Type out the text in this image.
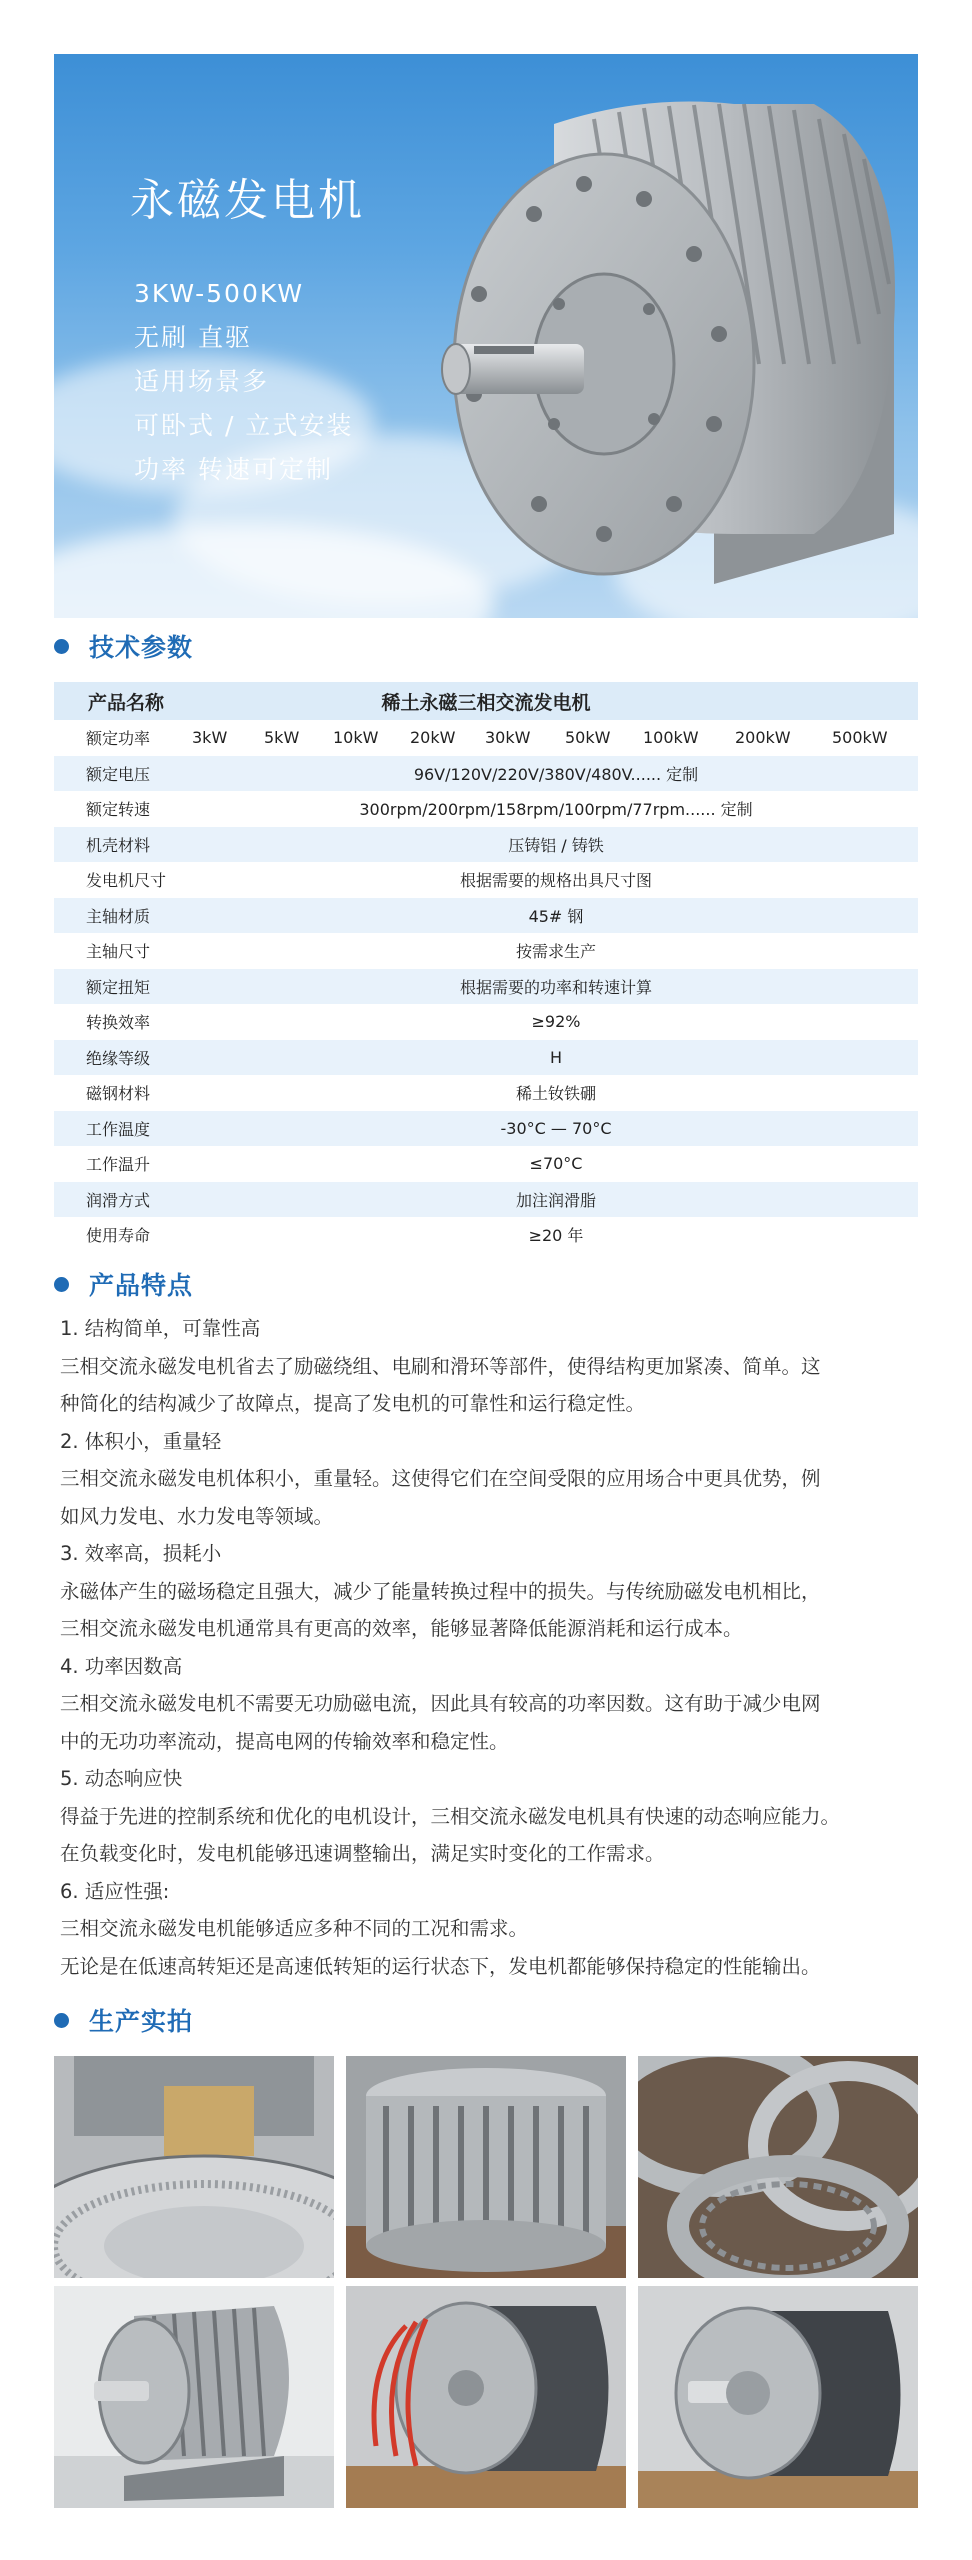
永磁发电机
3KW-500KW
无刷 直驱
适用场景多
可卧式 / 立式安装
功率 转速可定制
技术参数
产品名称	稀土永磁三相交流发电机
额定功率	3kW	5kW	10kW	20kW	30kW	50kW	100kW	200kW	500kW
额定电压	96V/120V/220V/380V/480V...... 定制
额定转速	300rpm/200rpm/158rpm/100rpm/77rpm...... 定制
机壳材料	压铸铝 / 铸铁
发电机尺寸	根据需要的规格出具尺寸图
主轴材质	45# 钢
主轴尺寸	按需求生产
额定扭矩	根据需要的功率和转速计算
转换效率	≥92%
绝缘等级	H
磁钢材料	稀土钕铁硼
工作温度	-30°C — 70°C
工作温升	≤70°C
润滑方式	加注润滑脂
使用寿命	≥20 年
产品特点

1. 结构简单，可靠性高

三相交流永磁发电机省去了励磁绕组、电刷和滑环等部件，使得结构更加紧凑、简单。这

种简化的结构减少了故障点，提高了发电机的可靠性和运行稳定性。

2. 体积小，重量轻

三相交流永磁发电机体积小，重量轻。这使得它们在空间受限的应用场合中更具优势，例

如风力发电、水力发电等领域。

3. 效率高，损耗小

永磁体产生的磁场稳定且强大，减少了能量转换过程中的损失。与传统励磁发电机相比，

三相交流永磁发电机通常具有更高的效率，能够显著降低能源消耗和运行成本。

4. 功率因数高

三相交流永磁发电机不需要无功励磁电流，因此具有较高的功率因数。这有助于减少电网

中的无功功率流动，提高电网的传输效率和稳定性。

5. 动态响应快

得益于先进的控制系统和优化的电机设计，三相交流永磁发电机具有快速的动态响应能力。

在负载变化时，发电机能够迅速调整输出，满足实时变化的工作需求。

6. 适应性强:

三相交流永磁发电机能够适应多种不同的工况和需求。

无论是在低速高转矩还是高速低转矩的运行状态下，发电机都能够保持稳定的性能输出。

生产实拍
